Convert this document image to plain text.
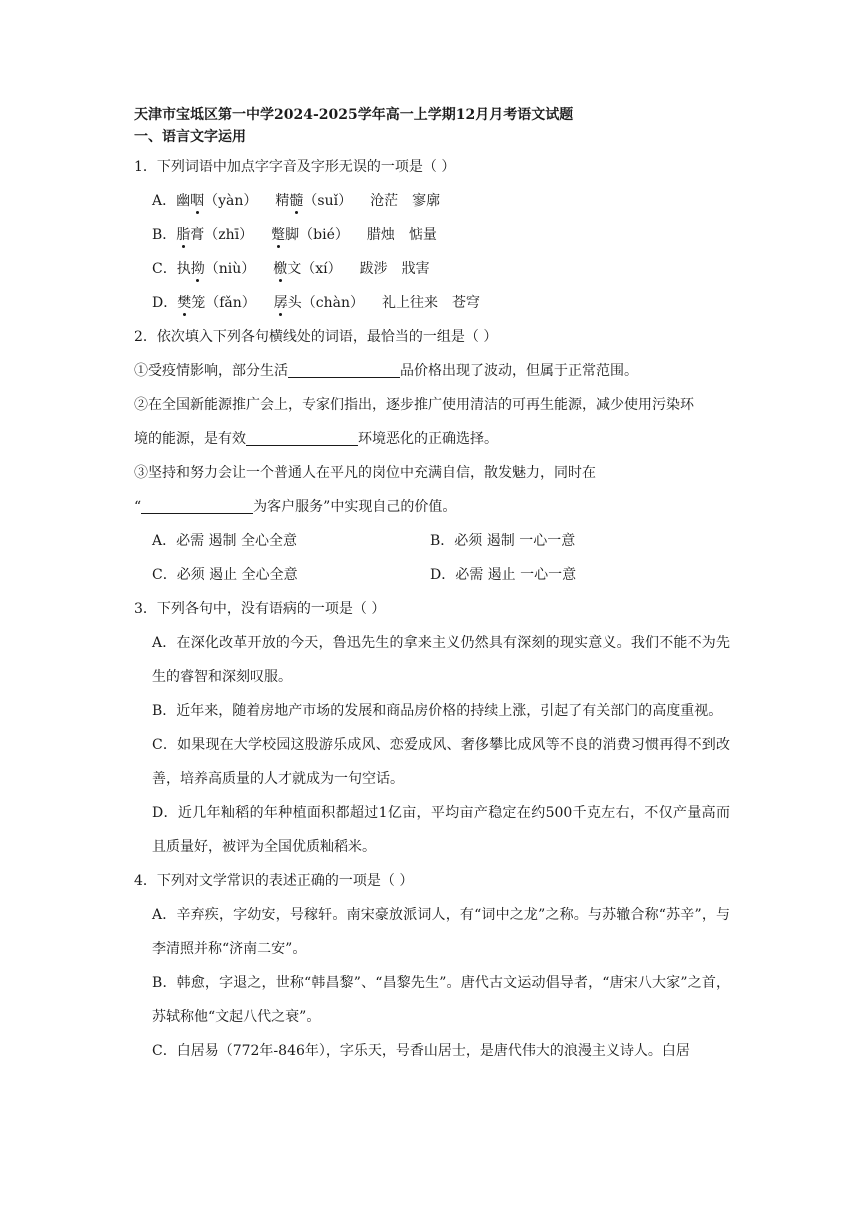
天津市宝坻区第一中学2024-2025学年高一上学期12月月考语文试题

一、语言文字运用

1．下列词语中加点字字音及字形无误的一项是（ ）

A．幽咽（yàn） 精髓（suǐ） 沧茫 寥廓

B．脂膏（zhī） 蹩脚（bié） 腊烛 惦量

C．执拗（niù） 檄文（xí） 跋涉 戕害

D．樊笼（fǎn） 孱头（chàn） 礼上往来 苍穹

2．依次填入下列各句横线处的词语，最恰当的一组是（ ）

①受疫情影响，部分生活	品价格出现了波动，但属于正常范围。

②在全国新能源推广会上，专家们指出，逐步推广使用清洁的可再生能源，减少使用污染环
境的能源，是有效	环境恶化的正确选择。

③坚持和努力会让一个普通人在平凡的岗位中充满自信，散发魅力，同时在
“	为客户服务”中实现自己的价值。

A．必需 遏制 全心全意	B．必须 遏制 一心一意
C．必须 遏止 全心全意	D．必需 遏止 一心一意

3．下列各句中，没有语病的一项是（ ）

A．在深化改革开放的今天，鲁迅先生的拿来主义仍然具有深刻的现实意义。我们不能不为先生的睿智和深刻叹服。

B．近年来，随着房地产市场的发展和商品房价格的持续上涨，引起了有关部门的高度重视。

C．如果现在大学校园这股游乐成风、恋爱成风、奢侈攀比成风等不良的消费习惯再得不到改善，培养高质量的人才就成为一句空话。

D．近几年籼稻的年种植面积都超过1亿亩，平均亩产稳定在约500千克左右，不仅产量高而且质量好，被评为全国优质籼稻米。

4．下列对文学常识的表述正确的一项是（ ）

A．辛弃疾，字幼安，号稼轩。南宋豪放派词人，有“词中之龙”之称。与苏辙合称“苏辛”，与李清照并称“济南二安”。

B．韩愈，字退之，世称“韩昌黎”、“昌黎先生”。唐代古文运动倡导者，“唐宋八大家”之首，苏轼称他“文起八代之衰”。

C．白居易（772年-846年），字乐天，号香山居士，是唐代伟大的浪漫主义诗人。白居
